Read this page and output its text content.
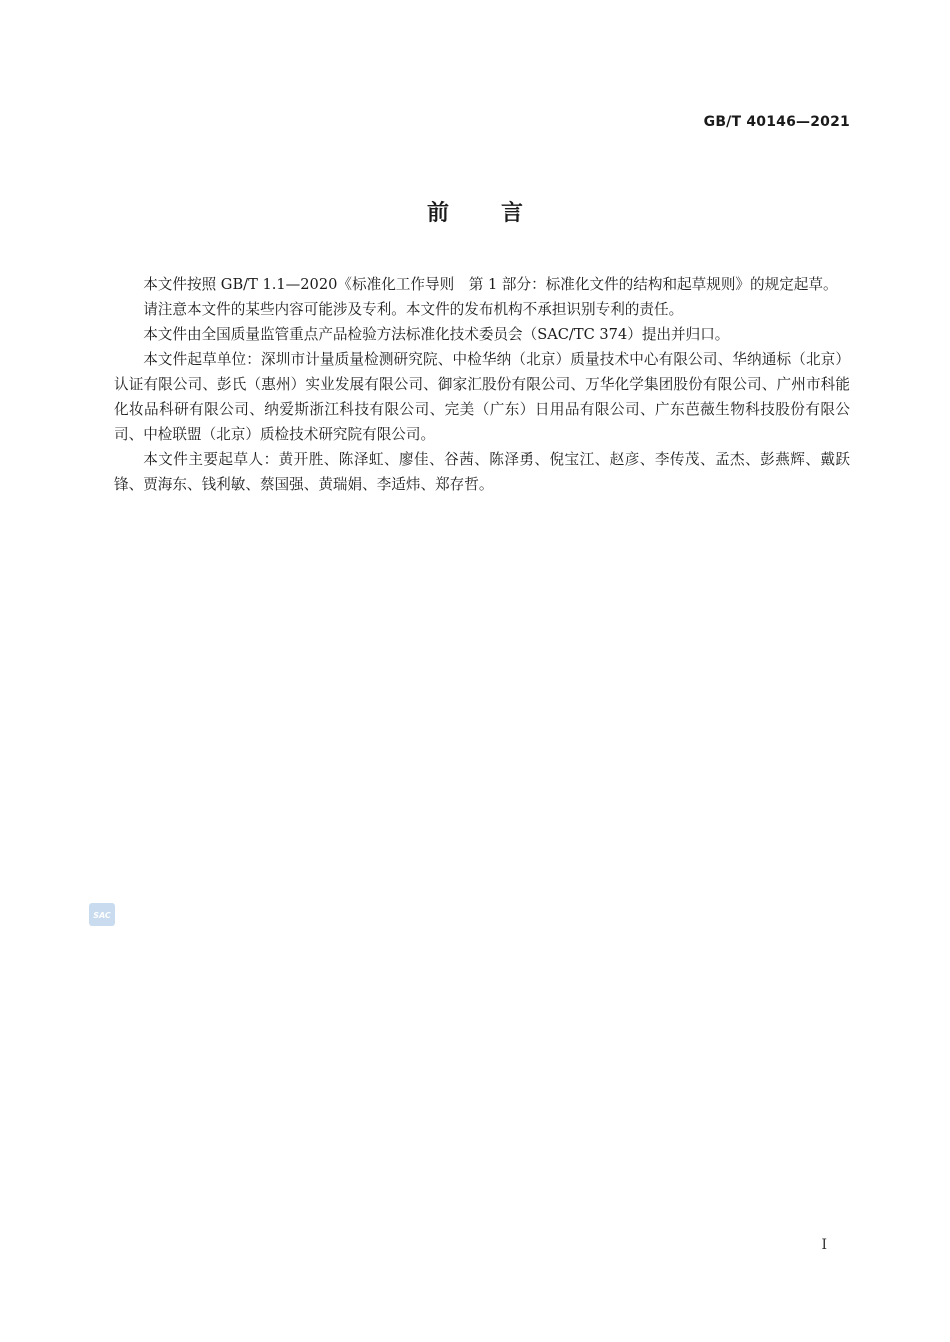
GB/T 40146—2021
前言

本文件按照 GB/T 1.1—2020《标准化工作导则　第 1 部分：标准化文件的结构和起草规则》的规定起草。

请注意本文件的某些内容可能涉及专利。本文件的发布机构不承担识别专利的责任。

本文件由全国质量监管重点产品检验方法标准化技术委员会（SAC/TC 374）提出并归口。

本文件起草单位：深圳市计量质量检测研究院、中检华纳（北京）质量技术中心有限公司、华纳通标（北京）认证有限公司、彭氏（惠州）实业发展有限公司、御家汇股份有限公司、万华化学集团股份有限公司、广州市科能化妆品科研有限公司、纳爱斯浙江科技有限公司、完美（广东）日用品有限公司、广东芭薇生物科技股份有限公司、中检联盟（北京）质检技术研究院有限公司。

本文件主要起草人：黄开胜、陈泽虹、廖佳、谷茜、陈泽勇、倪宝江、赵彦、李传茂、孟杰、彭燕辉、戴跃锋、贾海东、钱利敏、蔡国强、黄瑞娟、李适炜、郑存哲。

SAC
I
